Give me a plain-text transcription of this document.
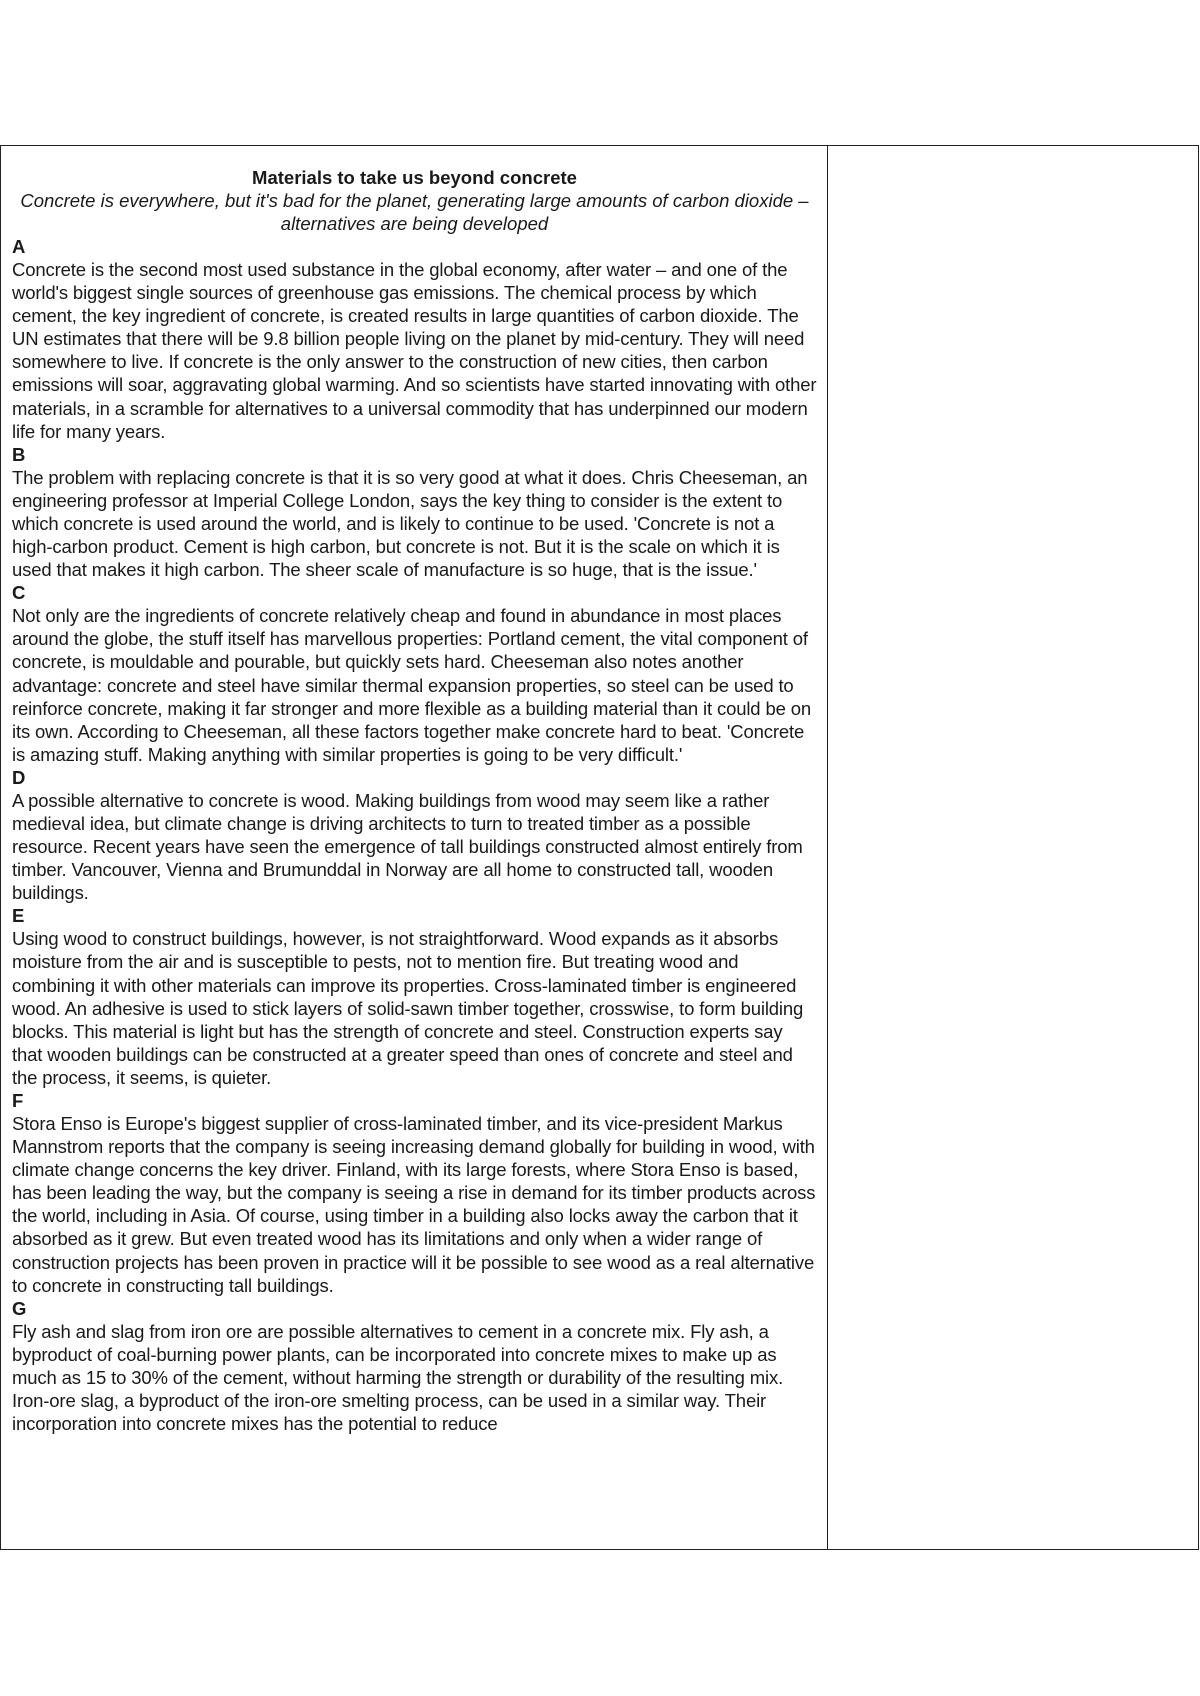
Materials to take us beyond concrete

Concrete is everywhere, but it's bad for the planet, generating large amounts of carbon dioxide – alternatives are being developed

A

Concrete is the second most used substance in the global economy, after water – and one of the world's biggest single sources of greenhouse gas emissions. The chemical process by which cement, the key ingredient of concrete, is created results in large quantities of carbon dioxide. The UN estimates that there will be 9.8 billion people living on the planet by mid-century. They will need somewhere to live. If concrete is the only answer to the construction of new cities, then carbon emissions will soar, aggravating global warming. And so scientists have started innovating with other materials, in a scramble for alternatives to a universal commodity that has underpinned our modern life for many years.

B

The problem with replacing concrete is that it is so very good at what it does. Chris Cheeseman, an engineering professor at Imperial College London, says the key thing to consider is the extent to which concrete is used around the world, and is likely to continue to be used. 'Concrete is not a high-carbon product. Cement is high carbon, but concrete is not. But it is the scale on which it is used that makes it high carbon. The sheer scale of manufacture is so huge, that is the issue.'

C

Not only are the ingredients of concrete relatively cheap and found in abundance in most places around the globe, the stuff itself has marvellous properties: Portland cement, the vital component of concrete, is mouldable and pourable, but quickly sets hard. Cheeseman also notes another advantage: concrete and steel have similar thermal expansion properties, so steel can be used to reinforce concrete, making it far stronger and more flexible as a building material than it could be on its own. According to Cheeseman, all these factors together make concrete hard to beat. 'Concrete is amazing stuff. Making anything with similar properties is going to be very difficult.'

D

A possible alternative to concrete is wood. Making buildings from wood may seem like a rather medieval idea, but climate change is driving architects to turn to treated timber as a possible resource. Recent years have seen the emergence of tall buildings constructed almost entirely from timber. Vancouver, Vienna and Brumunddal in Norway are all home to constructed tall, wooden buildings.

E

Using wood to construct buildings, however, is not straightforward. Wood expands as it absorbs moisture from the air and is susceptible to pests, not to mention fire. But treating wood and combining it with other materials can improve its properties. Cross-laminated timber is engineered wood. An adhesive is used to stick layers of solid-sawn timber together, crosswise, to form building blocks. This material is light but has the strength of concrete and steel. Construction experts say that wooden buildings can be constructed at a greater speed than ones of concrete and steel and the process, it seems, is quieter.

F

Stora Enso is Europe's biggest supplier of cross-laminated timber, and its vice-president Markus Mannstrom reports that the company is seeing increasing demand globally for building in wood, with climate change concerns the key driver. Finland, with its large forests, where Stora Enso is based, has been leading the way, but the company is seeing a rise in demand for its timber products across the world, including in Asia. Of course, using timber in a building also locks away the carbon that it absorbed as it grew. But even treated wood has its limitations and only when a wider range of construction projects has been proven in practice will it be possible to see wood as a real alternative to concrete in constructing tall buildings.

G

Fly ash and slag from iron ore are possible alternatives to cement in a concrete mix. Fly ash, a byproduct of coal-burning power plants, can be incorporated into concrete mixes to make up as much as 15 to 30% of the cement, without harming the strength or durability of the resulting mix. Iron-ore slag, a byproduct of the iron-ore smelting process, can be used in a similar way. Their incorporation into concrete mixes has the potential to reduce
